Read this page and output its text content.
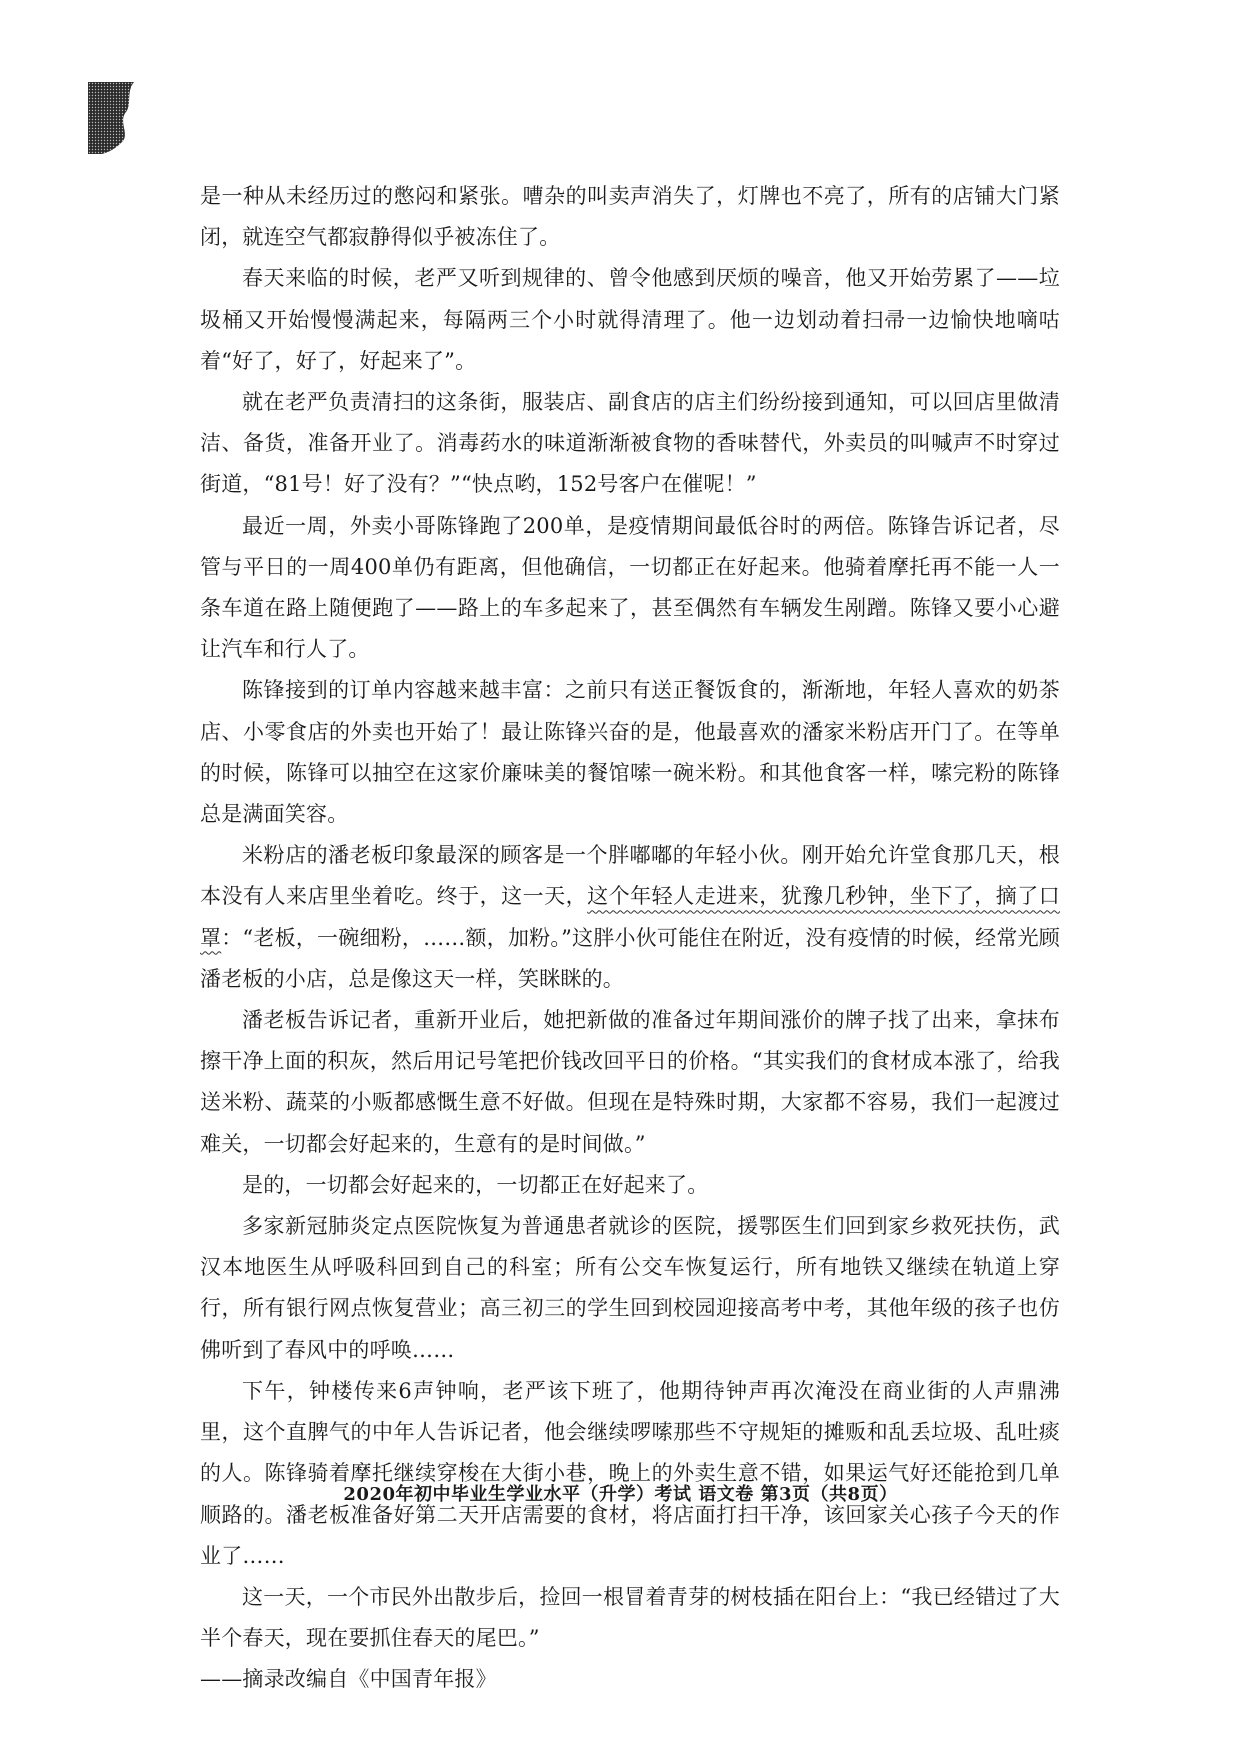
是一种从未经历过的憋闷和紧张。嘈杂的叫卖声消失了，灯牌也不亮了，所有的店铺大门紧闭，就连空气都寂静得似乎被冻住了。

春天来临的时候，老严又听到规律的、曾令他感到厌烦的噪音，他又开始劳累了——垃圾桶又开始慢慢满起来，每隔两三个小时就得清理了。他一边划动着扫帚一边愉快地嘀咕着“好了，好了，好起来了”。

就在老严负责清扫的这条街，服装店、副食店的店主们纷纷接到通知，可以回店里做清洁、备货，准备开业了。消毒药水的味道渐渐被食物的香味替代，外卖员的叫喊声不时穿过街道，“81号！好了没有？”“快点哟，152号客户在催呢！”

最近一周，外卖小哥陈锋跑了200单，是疫情期间最低谷时的两倍。陈锋告诉记者，尽管与平日的一周400单仍有距离，但他确信，一切都正在好起来。他骑着摩托再不能一人一条车道在路上随便跑了——路上的车多起来了，甚至偶然有车辆发生剐蹭。陈锋又要小心避让汽车和行人了。

陈锋接到的订单内容越来越丰富：之前只有送正餐饭食的，渐渐地，年轻人喜欢的奶茶店、小零食店的外卖也开始了！最让陈锋兴奋的是，他最喜欢的潘家米粉店开门了。在等单的时候，陈锋可以抽空在这家价廉味美的餐馆嗦一碗米粉。和其他食客一样，嗦完粉的陈锋总是满面笑容。

米粉店的潘老板印象最深的顾客是一个胖嘟嘟的年轻小伙。刚开始允许堂食那几天，根本没有人来店里坐着吃。终于，这一天，这个年轻人走进来，犹豫几秒钟，坐下了，摘了口罩：“老板，一碗细粉，……额，加粉。”这胖小伙可能住在附近，没有疫情的时候，经常光顾潘老板的小店，总是像这天一样，笑眯眯的。

潘老板告诉记者，重新开业后，她把新做的准备过年期间涨价的牌子找了出来，拿抹布擦干净上面的积灰，然后用记号笔把价钱改回平日的价格。“其实我们的食材成本涨了，给我送米粉、蔬菜的小贩都感慨生意不好做。但现在是特殊时期，大家都不容易，我们一起渡过难关，一切都会好起来的，生意有的是时间做。”

是的，一切都会好起来的，一切都正在好起来了。

多家新冠肺炎定点医院恢复为普通患者就诊的医院，援鄂医生们回到家乡救死扶伤，武汉本地医生从呼吸科回到自己的科室；所有公交车恢复运行，所有地铁又继续在轨道上穿行，所有银行网点恢复营业；高三初三的学生回到校园迎接高考中考，其他年级的孩子也仿佛听到了春风中的呼唤……

下午，钟楼传来6声钟响，老严该下班了，他期待钟声再次淹没在商业街的人声鼎沸里，这个直脾气的中年人告诉记者，他会继续啰嗦那些不守规矩的摊贩和乱丢垃圾、乱吐痰的人。陈锋骑着摩托继续穿梭在大街小巷，晚上的外卖生意不错，如果运气好还能抢到几单顺路的。潘老板准备好第二天开店需要的食材，将店面打扫干净，该回家关心孩子今天的作业了……

这一天，一个市民外出散步后，捡回一根冒着青芽的树枝插在阳台上：“我已经错过了大半个春天，现在要抓住春天的尾巴。”

——摘录改编自《中国青年报》

2020年初中毕业生学业水平（升学）考试 语文卷 第3页（共8页）
